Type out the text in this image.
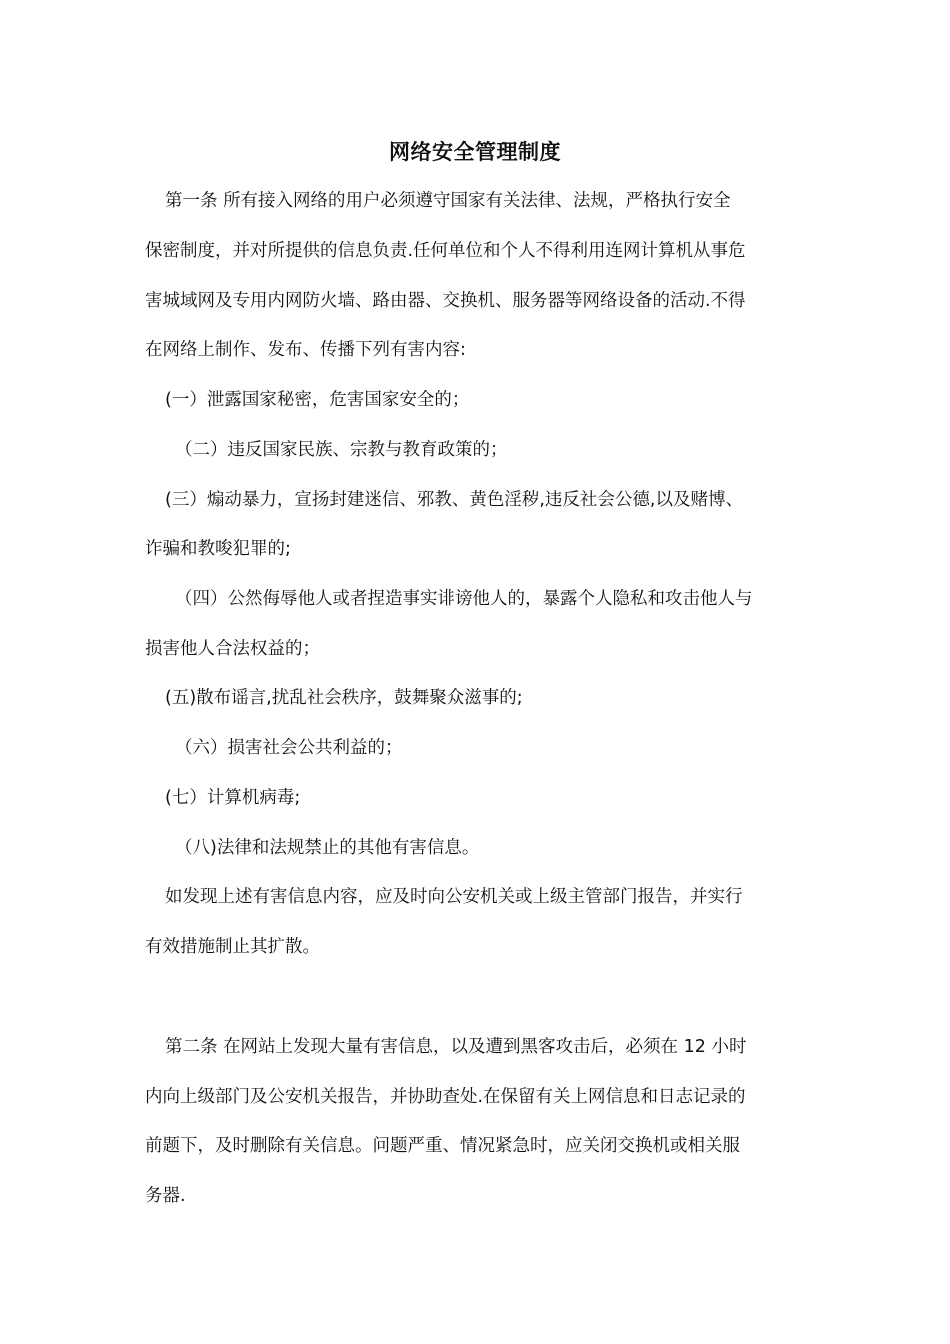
网络安全管理制度
第一条 所有接入网络的用户必须遵守国家有关法律、法规，严格执行安全
保密制度，并对所提供的信息负责.任何单位和个人不得利用连网计算机从事危
害城域网及专用内网防火墙、路由器、交换机、服务器等网络设备的活动.不得
在网络上制作、发布、传播下列有害内容:
(一）泄露国家秘密，危害国家安全的；
（二）违反国家民族、宗教与教育政策的；
(三）煽动暴力，宣扬封建迷信、邪教、黄色淫秽,违反社会公德,以及赌博、
诈骗和教唆犯罪的;
（四）公然侮辱他人或者捏造事实诽谤他人的，暴露个人隐私和攻击他人与
损害他人合法权益的；
(五)散布谣言,扰乱社会秩序，鼓舞聚众滋事的;
（六）损害社会公共利益的；
(七）计算机病毒;
（八)法律和法规禁止的其他有害信息。
如发现上述有害信息内容，应及时向公安机关或上级主管部门报告，并实行
有效措施制止其扩散。
第二条 在网站上发现大量有害信息，以及遭到黑客攻击后，必须在 12 小时
内向上级部门及公安机关报告，并协助查处.在保留有关上网信息和日志记录的
前题下，及时删除有关信息。问题严重、情况紧急时，应关闭交换机或相关服
务器.
